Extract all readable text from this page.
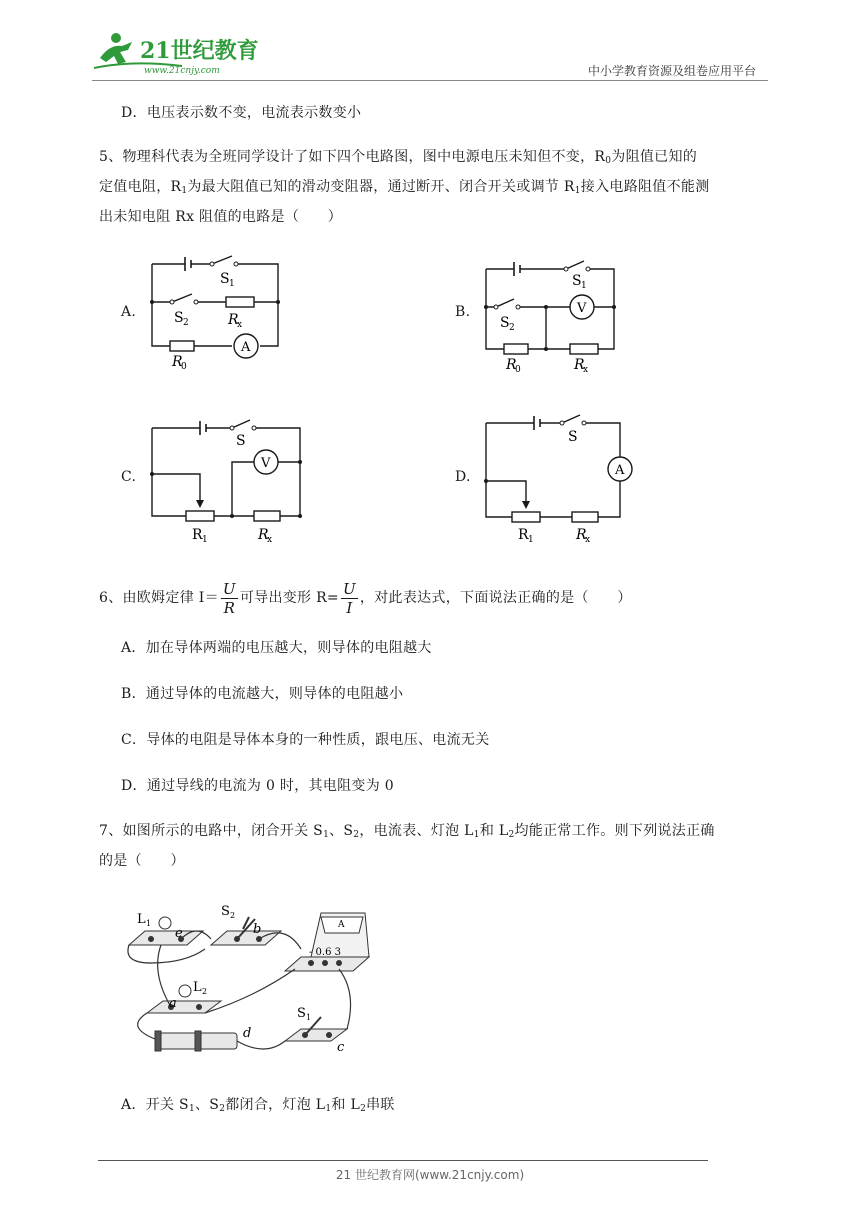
21世纪教育
www.21cnjy.com	中小学教育资源及组卷应用平台
D．电压表示数不变，电流表示数变小
5、物理科代表为全班同学设计了如下四个电路图，图中电源电压未知但不变，$R_0$为阻值已知的
定值电阻，$R_1$为最大阻值已知的滑动变阻器，通过断开、闭合开关或调节 $R_1$接入电路阻值不能测
出未知电阻 Rx 阻值的电路是（　　）
A.	B.
C.	D.
A
S 1
S 2	R
x
R
0
V
S 1
S 2
R
0	R
x
V
S
R 1	R
x
A
S
R 1	R
x
6、由欧姆定律 $I= \frac{U}{R}$ 可导出变形 $R= \frac{U}{I}$ ，对此表达式，下面说法正确的是（　　）
A．加在导体两端的电压越大，则导体的电阻越大
B．通过导体的电流越大，则导体的电阻越小
C．导体的电阻是导体本身的一种性质，跟电压、电流无关
D．通过导线的电流为 0 时，其电阻变为 0
7、如图所示的电路中，闭合开关 $S_1$、$S_2$，电流表、灯泡 $L_1$和 $L_2$均能正常工作。则下列说法正确
的是（　　）
A
- 0.6 3
L 1
L 2
S 2
S 1
a
b
c
d
e
A．开关 $S_1$、$S_2$都闭合，灯泡 $L_1$和 $L_2$串联
21 世纪教育网(www.21cnjy.com)
